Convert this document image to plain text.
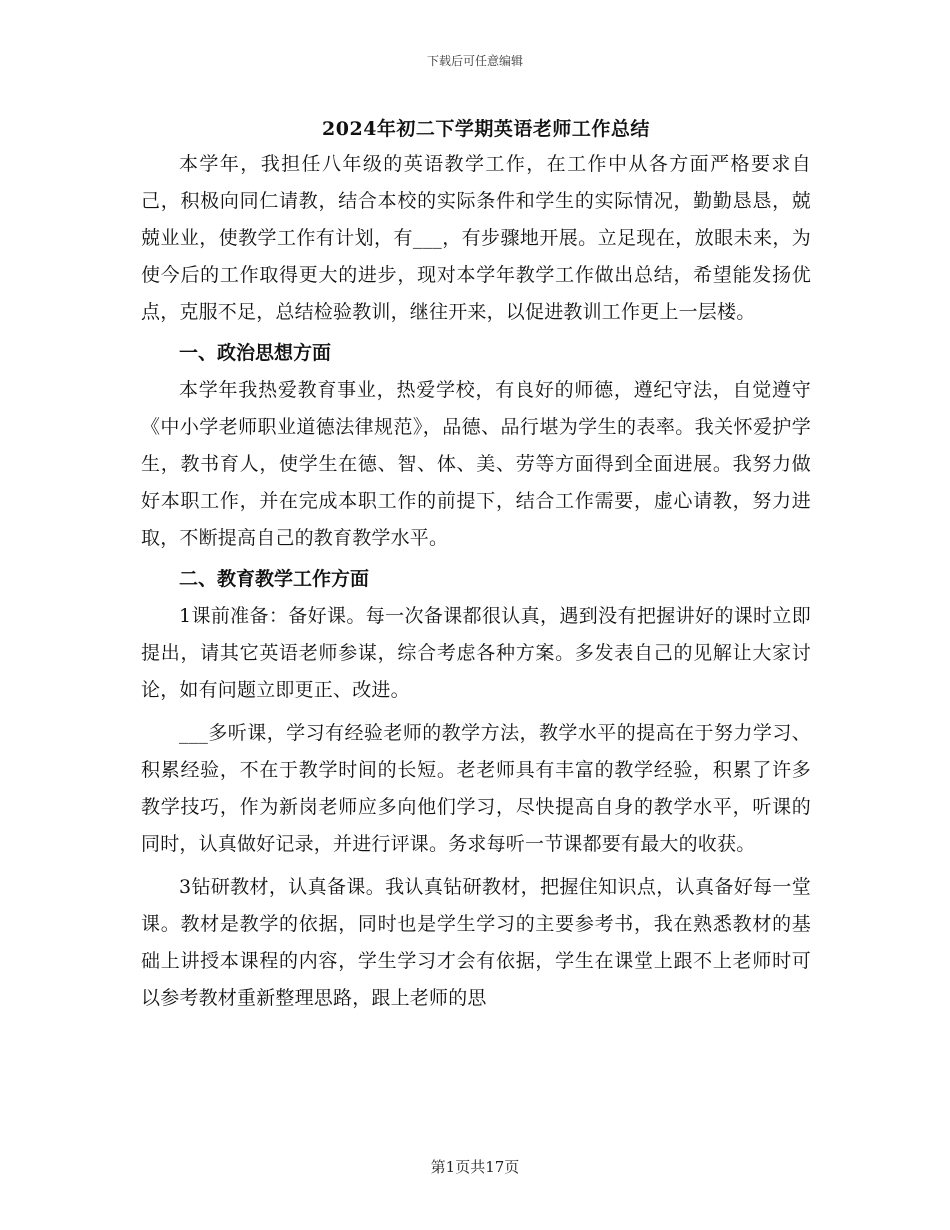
下载后可任意编辑
2024年初二下学期英语老师工作总结

本学年，我担任八年级的英语教学工作，在工作中从各方面严格要求自己，积极向同仁请教，结合本校的实际条件和学生的实际情况，勤勤恳恳，兢兢业业，使教学工作有计划，有___，有步骤地开展。立足现在，放眼未来，为使今后的工作取得更大的进步，现对本学年教学工作做出总结，希望能发扬优点，克服不足，总结检验教训，继往开来，以促进教训工作更上一层楼。

一、政治思想方面

本学年我热爱教育事业，热爱学校，有良好的师德，遵纪守法，自觉遵守《中小学老师职业道德法律规范》，品德、品行堪为学生的表率。我关怀爱护学生，教书育人，使学生在德、智、体、美、劳等方面得到全面进展。我努力做好本职工作，并在完成本职工作的前提下，结合工作需要，虚心请教，努力进取，不断提高自己的教育教学水平。

二、教育教学工作方面

1课前准备：备好课。每一次备课都很认真，遇到没有把握讲好的课时立即提出，请其它英语老师参谋，综合考虑各种方案。多发表自己的见解让大家讨论，如有问题立即更正、改进。

___多听课，学习有经验老师的教学方法，教学水平的提高在于努力学习、积累经验，不在于教学时间的长短。老老师具有丰富的教学经验，积累了许多教学技巧，作为新岗老师应多向他们学习，尽快提高自身的教学水平，听课的同时，认真做好记录，并进行评课。务求每听一节课都要有最大的收获。

3钻研教材，认真备课。我认真钻研教材，把握住知识点，认真备好每一堂课。教材是教学的依据，同时也是学生学习的主要参考书，我在熟悉教材的基础上讲授本课程的内容，学生学习才会有依据，学生在课堂上跟不上老师时可以参考教材重新整理思路，跟上老师的思

第1页共17页
